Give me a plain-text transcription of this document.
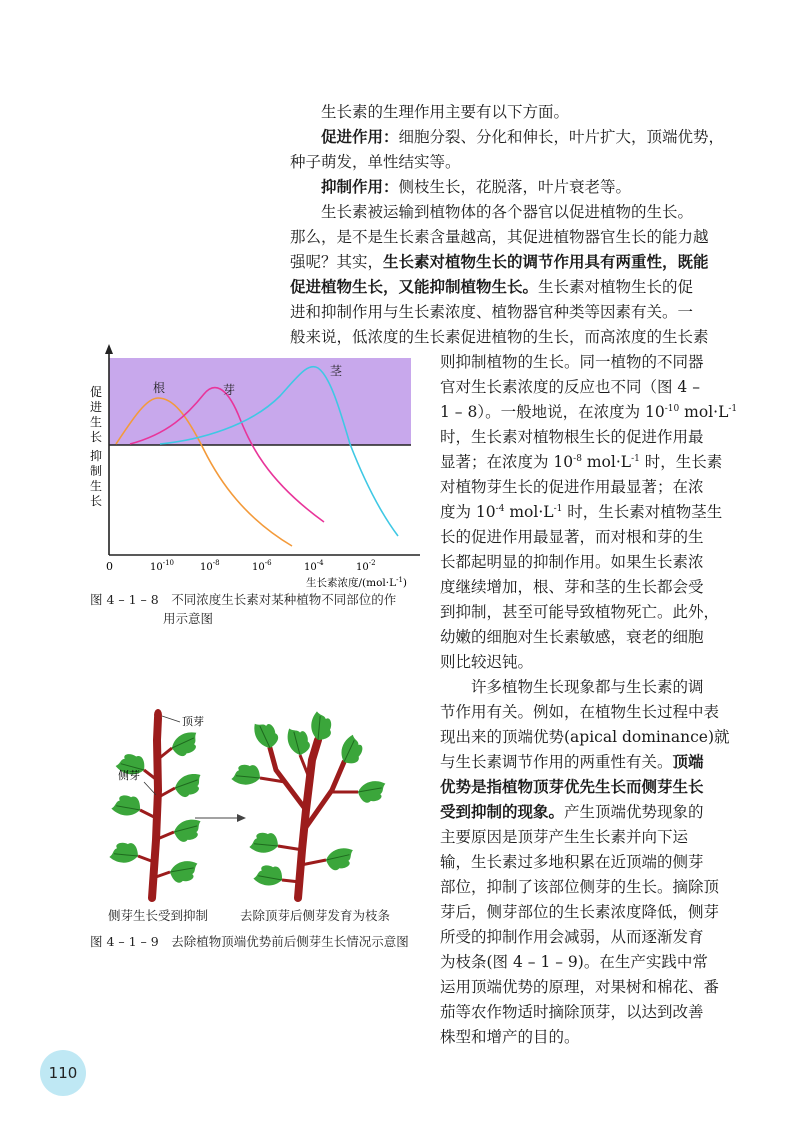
生长素的生理作用主要有以下方面。
促进作用：细胞分裂、分化和伸长，叶片扩大，顶端优势，
种子萌发，单性结实等。
抑制作用：侧枝生长，花脱落，叶片衰老等。
生长素被运输到植物体的各个器官以促进植物的生长。
那么，是不是生长素含量越高，其促进植物器官生长的能力越
强呢？其实，生长素对植物生长的调节作用具有两重性，既能
促进植物生长，又能抑制植物生长。生长素对植物生长的促
进和抑制作用与生长素浓度、植物器官种类等因素有关。一
般来说，低浓度的生长素促进植物的生长，而高浓度的生长素
则抑制植物的生长。同一植物的不同器
官对生长素浓度的反应也不同（图 4 –
1 – 8）。一般地说，在浓度为 $10^{-10}$ $mol\cdot L^{-1}$
时，生长素对植物根生长的促进作用最
显著；在浓度为 $10^{-8}$ $mol\cdot L^{-1}$ 时，生长素
对植物芽生长的促进作用最显著；在浓
度为 $10^{-4}$ $mol\cdot L^{-1}$ 时，生长素对植物茎生
长的促进作用最显著，而对根和芽的生
长都起明显的抑制作用。如果生长素浓
度继续增加，根、芽和茎的生长都会受
到抑制，甚至可能导致植物死亡。此外，
幼嫩的细胞对生长素敏感，衰老的细胞
则比较迟钝。
许多植物生长现象都与生长素的调
节作用有关。例如，在植物生长过程中表
现出来的顶端优势(apical dominance)就
与生长素调节作用的两重性有关。顶端
优势是指植物顶芽优先生长而侧芽生长
受到抑制的现象。产生顶端优势现象的
主要原因是顶芽产生生长素并向下运
输，生长素过多地积累在近顶端的侧芽
部位，抑制了该部位侧芽的生长。摘除顶
芽后，侧芽部位的生长素浓度降低，侧芽
所受的抑制作用会减弱，从而逐渐发育
为枝条(图 4 – 1 – 9)。在生产实践中常
运用顶端优势的原理，对果树和棉花、番
茄等农作物适时摘除顶芽，以达到改善
株型和增产的目的。
根	芽
茎
促
进
生
长
抑
制
生
长
0	$10^{-10}$	$10^{-8}$	$10^{-6}$	$10^{-4}$	$10^{-2}$
生长素浓度$/(mol\cdot L^{-1})$
图 4 – 1 – 8　不同浓度生长素对某种植物不同部位的作
用示意图
顶芽
侧芽
侧芽生长受到抑制	去除顶芽后侧芽发育为枝条
图 4 – 1 – 9　去除植物顶端优势前后侧芽生长情况示意图
110
